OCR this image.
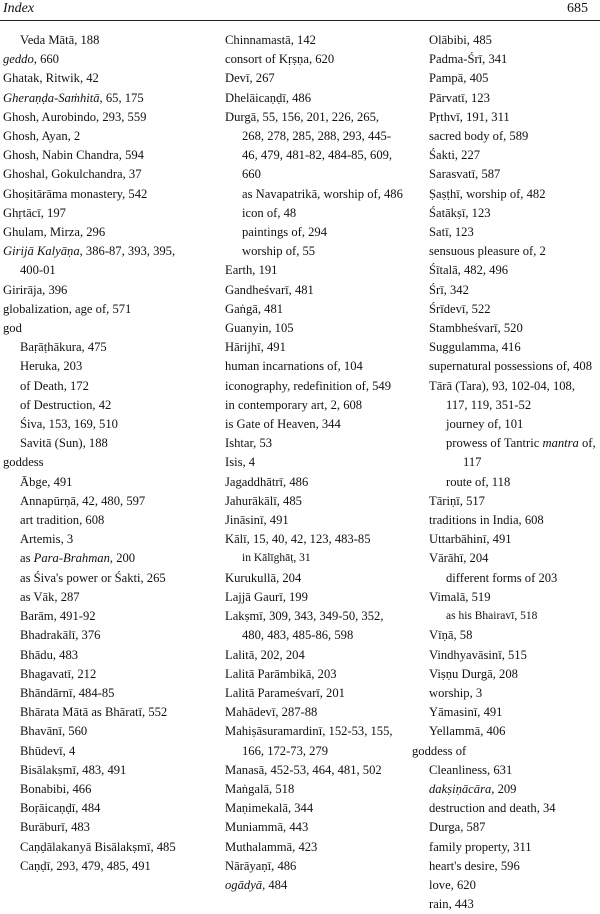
Index	685

Veda Mātā, 188

geddo, 660

Ghatak, Ritwik, 42

Gheraṇḍa-Saṁhitā, 65, 175

Ghosh, Aurobindo, 293, 559

Ghosh, Ayan, 2

Ghosh, Nabin Chandra, 594

Ghoshal, Gokulchandra, 37

Ghoṣitārāma monastery, 542

Ghṛtācī, 197

Ghulam, Mirza, 296

Girijā Kalyāṇa, 386-87, 393, 395, 400-01

Girirāja, 396

globalization, age of, 571

god

Baṛāṭhākura, 475

Heruka, 203

of Death, 172

of Destruction, 42

Śiva, 153, 169, 510

Savitā (Sun), 188

goddess

Ābge, 491

Annapūrṇā, 42, 480, 597

art tradition, 608

Artemis, 3

as Para-Brahman, 200

as Śiva's power or Śakti, 265

as Vāk, 287

Barām, 491-92

Bhadrakālī, 376

Bhādu, 483

Bhagavatī, 212

Bhāndārnī, 484-85

Bhārata Mātā as Bhāratī, 552

Bhavānī, 560

Bhūdevī, 4

Bisālakṣmī, 483, 491

Bonabibi, 466

Boṛāicaṇḍī, 484

Burāburī, 483

Caṇḍālakanyā Bisālakṣmī, 485

Caṇḍī, 293, 479, 485, 491

Chinnamastā, 142

consort of Kṛṣṇa, 620

Devī, 267

Dhelāicaṇḍī, 486

Durgā, 55, 156, 201, 226, 265, 268, 278, 285, 288, 293, 445-46, 479, 481-82, 484-85, 609, 660

as Navapatrikā, worship of, 486

icon of, 48

paintings of, 294

worship of, 55

Earth, 191

Gandheśvarī, 481

Gaṅgā, 481

Guanyin, 105

Hārijhī, 491

human incarnations of, 104

iconography, redefinition of, 549

in contemporary art, 2, 608

is Gate of Heaven, 344

Ishtar, 53

Isis, 4

Jagaddhātrī, 486

Jahurākālī, 485

Jināsinī, 491

Kālī, 15, 40, 42, 123, 483-85

in Kālīghāṭ, 31

Kurukullā, 204

Lajjā Gaurī, 199

Lakṣmī, 309, 343, 349-50, 352, 480, 483, 485-86, 598

Lalitā, 202, 204

Lalitā Parāmbikā, 203

Lalitā Parameśvarī, 201

Mahādevī, 287-88

Mahiṣāsuramardinī, 152-53, 155, 166, 172-73, 279

Manasā, 452-53, 464, 481, 502

Maṅgalā, 518

Maṇimekalā, 344

Muniammā, 443

Muthalammā, 423

Nārāyaṇī, 486

ogādyā, 484

Olābibi, 485

Padma-Śrī, 341

Pampā, 405

Pārvatī, 123

Pṛthvī, 191, 311

sacred body of, 589

Śakti, 227

Sarasvatī, 587

Ṣaṣṭhī, worship of, 482

Śatākṣī, 123

Satī, 123

sensuous pleasure of, 2

Śītalā, 482, 496

Śrī, 342

Śrīdevī, 522

Stambheśvarī, 520

Suggulamma, 416

supernatural possessions of, 408

Tārā (Tara), 93, 102-04, 108, 117, 119, 351-52

journey of, 101

prowess of Tantric mantra of, 117

route of, 118

Tāriṇī, 517

traditions in India, 608

Uttarbāhinī, 491

Vārāhī, 204

different forms of 203

Vimalā, 519

as his Bhairavī, 518

Vīṇā, 58

Vindhyavāsinī, 515

Viṣṇu Durgā, 208

worship, 3

Yāmasinī, 491

Yellammā, 406

goddess of

Cleanliness, 631

dakṣiṇācāra, 209

destruction and death, 34

Durga, 587

family property, 311

heart's desire, 596

love, 620

rain, 443
